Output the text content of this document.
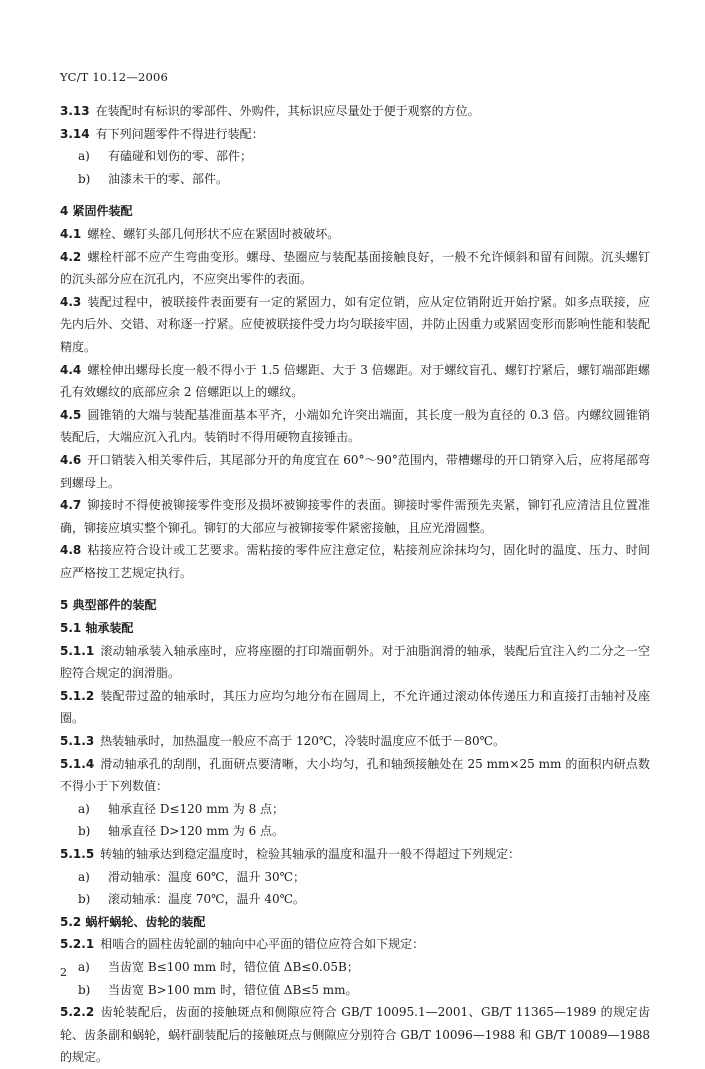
YC/T 10.12—2006
3.13 在装配时有标识的零部件、外购件，其标识应尽量处于便于观察的方位。
3.14 有下列问题零件不得进行装配：
a) 有磕碰和划伤的零、部件；
b) 油漆未干的零、部件。
4 紧固件装配
4.1 螺栓、螺钉头部几何形状不应在紧固时被破坏。
4.2 螺栓杆部不应产生弯曲变形。螺母、垫圈应与装配基面接触良好，一般不允许倾斜和留有间隙。沉头螺钉的沉头部分应在沉孔内，不应突出零件的表面。
4.3 装配过程中，被联接件表面要有一定的紧固力，如有定位销，应从定位销附近开始拧紧。如多点联接，应先内后外、交错、对称逐一拧紧。应使被联接件受力均匀联接牢固，并防止因重力或紧固变形而影响性能和装配精度。
4.4 螺栓伸出螺母长度一般不得小于 1.5 倍螺距、大于 3 倍螺距。对于螺纹盲孔、螺钉拧紧后，螺钉端部距螺孔有效螺纹的底部应余 2 倍螺距以上的螺纹。
4.5 圆锥销的大端与装配基准面基本平齐，小端如允许突出端面，其长度一般为直径的 0.3 倍。内螺纹圆锥销装配后，大端应沉入孔内。装销时不得用硬物直接锤击。
4.6 开口销装入相关零件后，其尾部分开的角度宜在 60°～90°范围内，带槽螺母的开口销穿入后，应将尾部弯到螺母上。
4.7 铆接时不得使被铆接零件变形及损坏被铆接零件的表面。铆接时零件需预先夹紧，铆钉孔应清洁且位置准确，铆接应填实整个铆孔。铆钉的大部应与被铆接零件紧密接触，且应光滑圆整。
4.8 粘接应符合设计或工艺要求。需粘接的零件应注意定位，粘接剂应涂抹均匀，固化时的温度、压力、时间应严格按工艺规定执行。
5 典型部件的装配
5.1 轴承装配
5.1.1 滚动轴承装入轴承座时，应将座圈的打印端面朝外。对于油脂润滑的轴承，装配后宜注入约二分之一空腔符合规定的润滑脂。
5.1.2 装配带过盈的轴承时，其压力应均匀地分布在圆周上，不允许通过滚动体传递压力和直接打击轴衬及座圈。
5.1.3 热装轴承时，加热温度一般应不高于 120℃，冷装时温度应不低于－80℃。
5.1.4 滑动轴承孔的刮削，孔面研点要清晰，大小均匀，孔和轴颈接触处在 25 mm×25 mm 的面积内研点数不得小于下列数值：
a) 轴承直径 D≤120 mm 为 8 点；
b) 轴承直径 D>120 mm 为 6 点。
5.1.5 转轴的轴承达到稳定温度时，检验其轴承的温度和温升一般不得超过下列规定：
a) 滑动轴承：温度 60℃，温升 30℃；
b) 滚动轴承：温度 70℃，温升 40℃。
5.2 蜗杆蜗轮、齿轮的装配
5.2.1 相啮合的圆柱齿轮副的轴向中心平面的错位应符合如下规定：
a) 当齿宽 B≤100 mm 时，错位值 ΔB≤0.05B；
b) 当齿宽 B>100 mm 时，错位值 ΔB≤5 mm。
5.2.2 齿轮装配后，齿面的接触斑点和侧隙应符合 GB/T 10095.1—2001、GB/T 11365—1989 的规定齿轮、齿条副和蜗轮，蜗杆副装配后的接触斑点与侧隙应分别符合 GB/T 10096—1988 和 GB/T 10089—1988的规定。
2
